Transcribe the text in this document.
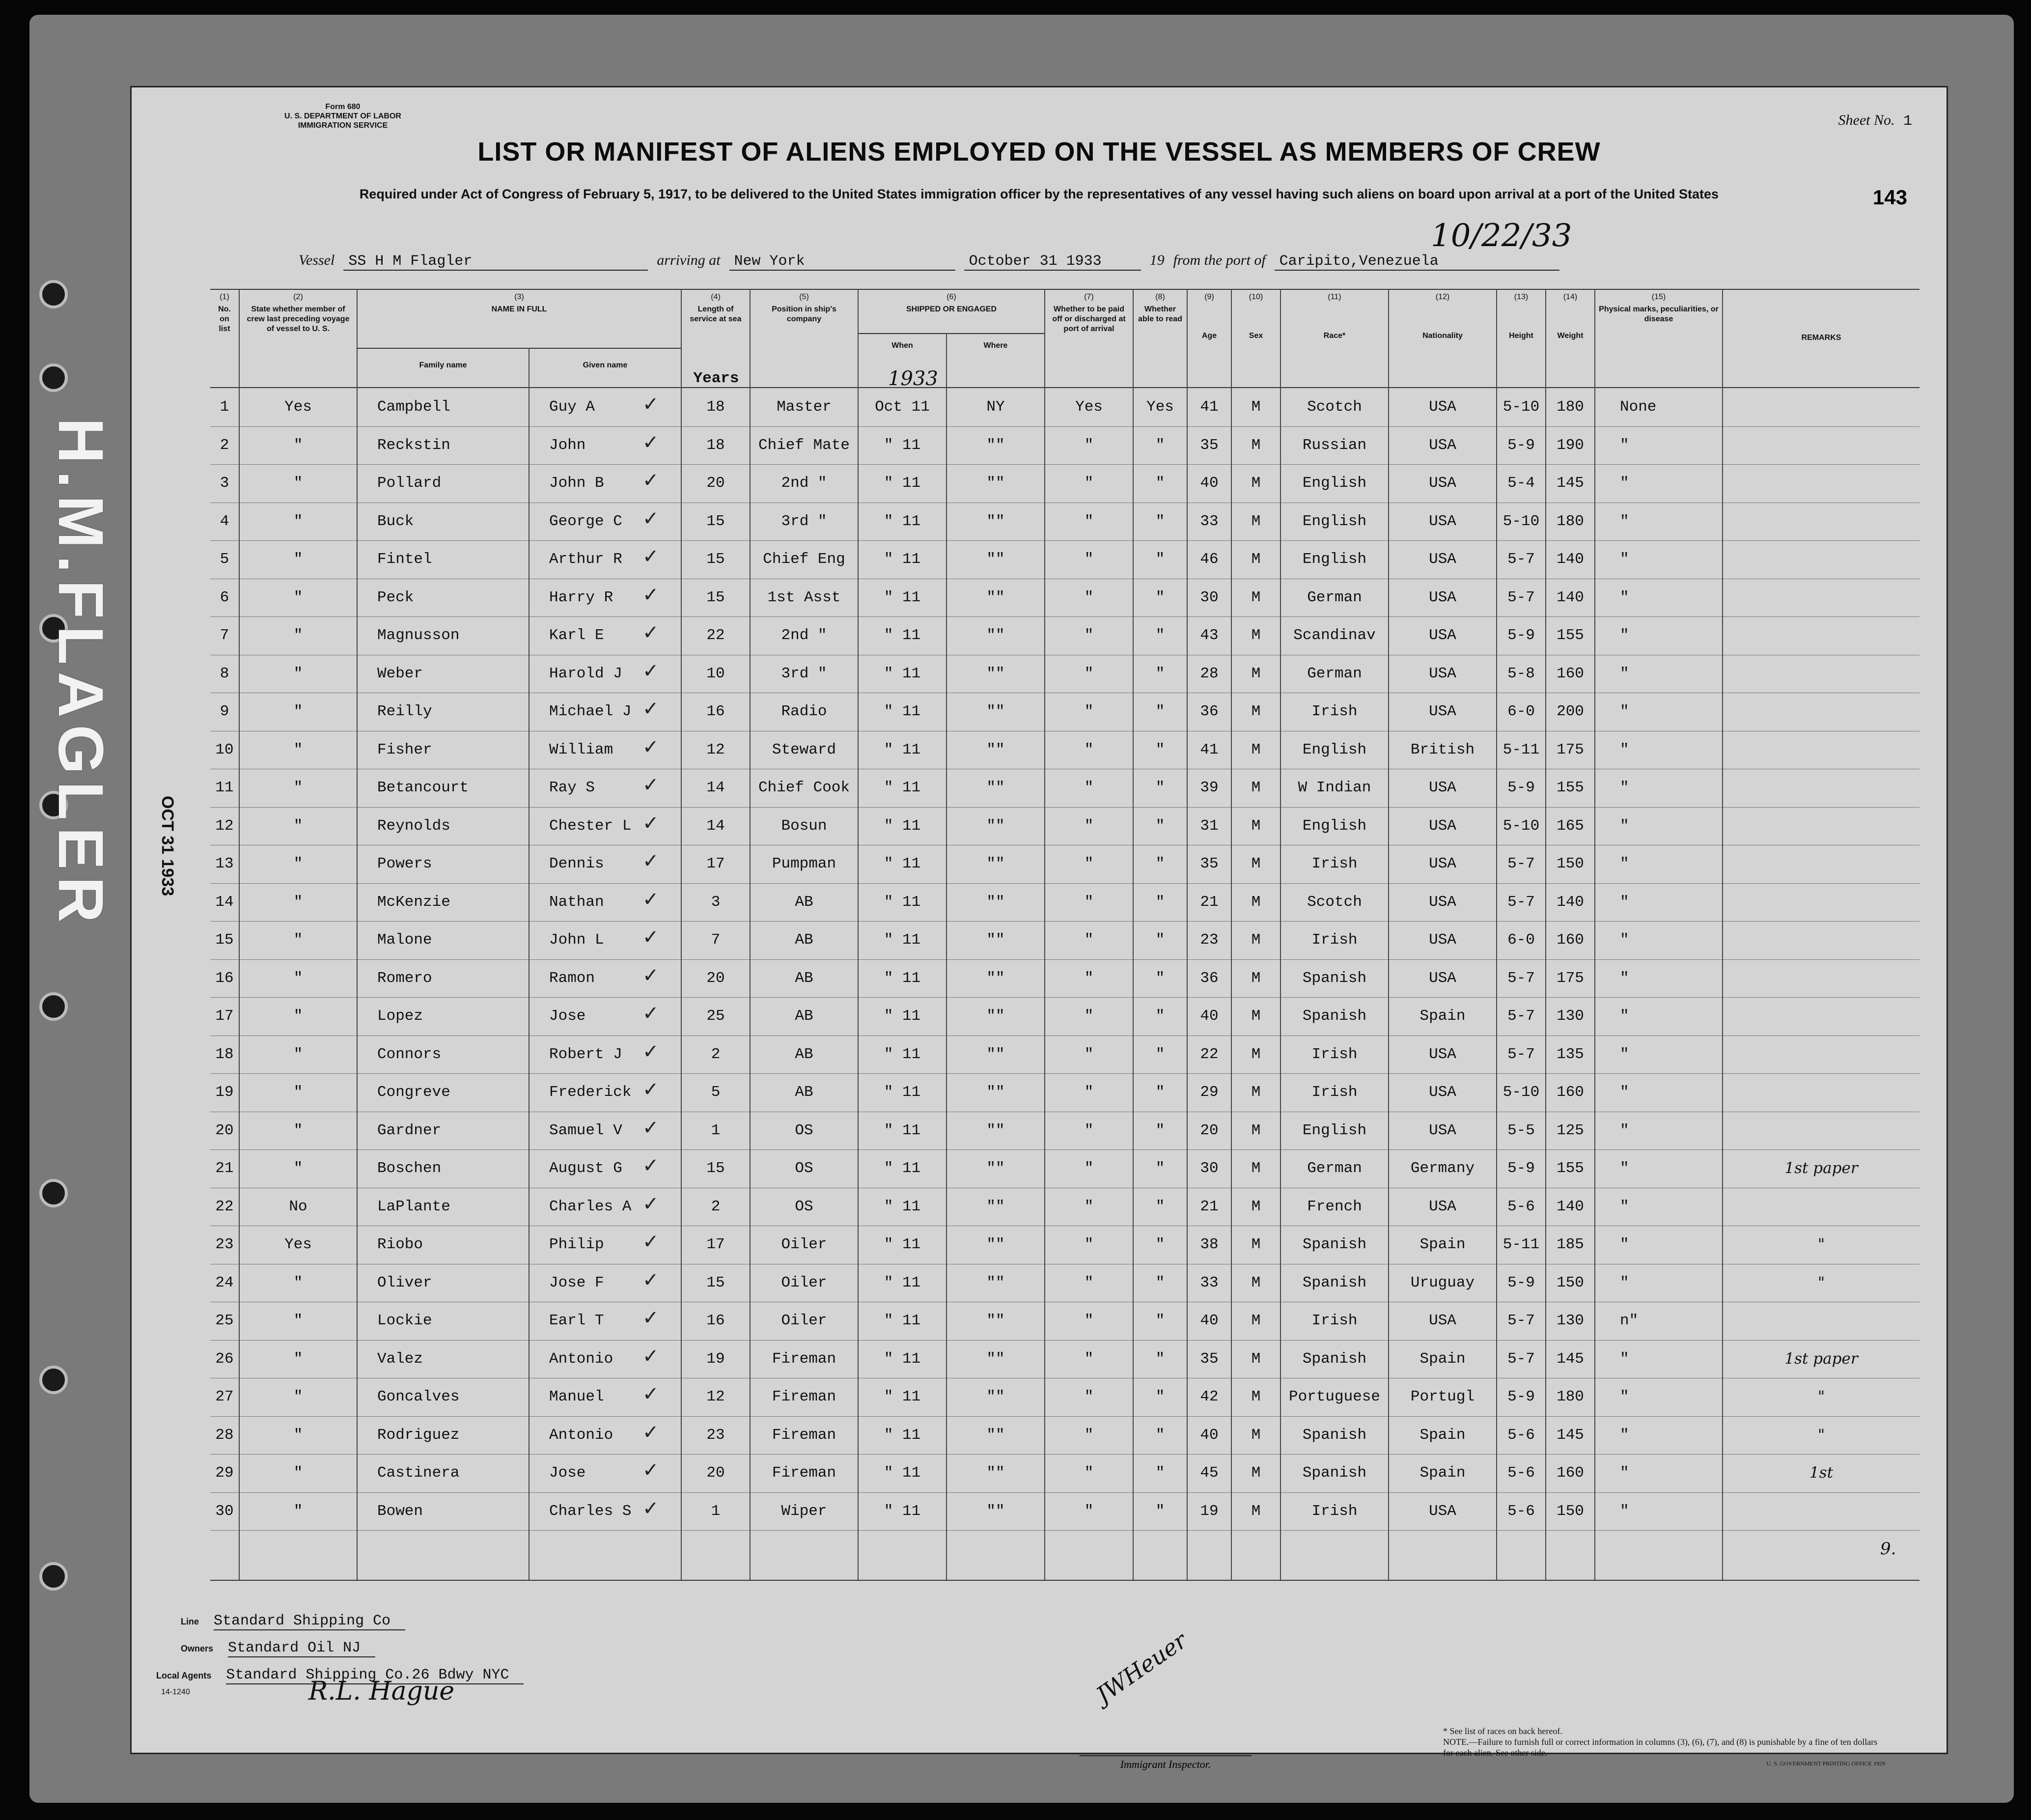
Form 680
U. S. DEPARTMENT OF LABOR
IMMIGRATION SERVICE	Sheet No. 1
LIST OR MANIFEST OF ALIENS EMPLOYED ON THE VESSEL AS MEMBERS OF CREW
Required under Act of Congress of February 5, 1917, to be delivered to the United States immigration officer by the representatives of any vessel having such aliens on board upon arrival at a port of the United States	143
10/22/33
Vessel SS H M Flagler	arriving at New York	October 31 1933	19 from the port of Caripito,Venezuela
(1)
No. on list
(2)
State whether member of crew last preceding voyage of vessel to U. S.
(3)
NAME IN FULL
Family name	Given name
(4)
Length of service at sea
(5)
Position in ship's company
(6)
SHIPPED OR ENGAGED
When	Where
(7)
Whether to be paid off or discharged at port of arrival
(8)
Whether able to read
(9)
Age
(10)
Sex
(11)
Race*
(12)
Nationality
(13)
Height
(14)
Weight
(15)
Physical marks, peculiarities, or disease
REMARKS
Years	1933
1	Yes	Campbell	Guy A	18	Master	Oct 11	NY	Yes	Yes	41	M	Scotch	USA	5-10	180	None
✓
2	"	Reckstin	John	18	Chief Mate	" 11	""	"	"	35	M	Russian	USA	5-9	190	"
✓
3	"	Pollard	John B	20	2nd "	" 11	""	"	"	40	M	English	USA	5-4	145	"
✓
4	"	Buck	George C	15	3rd "	" 11	""	"	"	33	M	English	USA	5-10	180	"
✓
5	"	Fintel	Arthur R	15	Chief Eng	" 11	""	"	"	46	M	English	USA	5-7	140	"
✓
6	"	Peck	Harry R	15	1st Asst	" 11	""	"	"	30	M	German	USA	5-7	140	"
✓
7	"	Magnusson	Karl E	22	2nd "	" 11	""	"	"	43	M	Scandinav	USA	5-9	155	"
✓
8	"	Weber	Harold J	10	3rd "	" 11	""	"	"	28	M	German	USA	5-8	160	"
✓
9	"	Reilly	Michael J	16	Radio	" 11	""	"	"	36	M	Irish	USA	6-0	200	"
✓
10	"	Fisher	William	12	Steward	" 11	""	"	"	41	M	English	British	5-11	175	"
✓
11	"	Betancourt	Ray S	14	Chief Cook	" 11	""	"	"	39	M	W Indian	USA	5-9	155	"
✓
12	"	Reynolds	Chester L	14	Bosun	" 11	""	"	"	31	M	English	USA	5-10	165	"
✓
13	"	Powers	Dennis	17	Pumpman	" 11	""	"	"	35	M	Irish	USA	5-7	150	"
✓
14	"	McKenzie	Nathan	3	AB	" 11	""	"	"	21	M	Scotch	USA	5-7	140	"
✓
15	"	Malone	John L	7	AB	" 11	""	"	"	23	M	Irish	USA	6-0	160	"
✓
16	"	Romero	Ramon	20	AB	" 11	""	"	"	36	M	Spanish	USA	5-7	175	"
✓
17	"	Lopez	Jose	25	AB	" 11	""	"	"	40	M	Spanish	Spain	5-7	130	"
✓
18	"	Connors	Robert J	2	AB	" 11	""	"	"	22	M	Irish	USA	5-7	135	"
✓
19	"	Congreve	Frederick	5	AB	" 11	""	"	"	29	M	Irish	USA	5-10	160	"
✓
20	"	Gardner	Samuel V	1	OS	" 11	""	"	"	20	M	English	USA	5-5	125	"
✓
21	"	Boschen	August G	15	OS	" 11	""	"	"	30	M	German	Germany	5-9	155	"	1st paper
✓
22	No	LaPlante	Charles A	2	OS	" 11	""	"	"	21	M	French	USA	5-6	140	"
✓
23	Yes	Riobo	Philip	17	Oiler	" 11	""	"	"	38	M	Spanish	Spain	5-11	185	"	"
✓
24	"	Oliver	Jose F	15	Oiler	" 11	""	"	"	33	M	Spanish	Uruguay	5-9	150	"	"
✓
25	"	Lockie	Earl T	16	Oiler	" 11	""	"	"	40	M	Irish	USA	5-7	130	n"
✓
26	"	Valez	Antonio	19	Fireman	" 11	""	"	"	35	M	Spanish	Spain	5-7	145	"	1st paper
✓
27	"	Goncalves	Manuel	12	Fireman	" 11	""	"	"	42	M	Portuguese	Portugl	5-9	180	"	"
✓
28	"	Rodriguez	Antonio	23	Fireman	" 11	""	"	"	40	M	Spanish	Spain	5-6	145	"	"
✓
29	"	Castinera	Jose	20	Fireman	" 11	""	"	"	45	M	Spanish	Spain	5-6	160	"	1st
✓
30	"	Bowen	Charles S	1	Wiper	" 11	""	"	"	19	M	Irish	USA	5-6	150	"
✓
9.
Line Standard Shipping Co
Owners Standard Oil NJ
Local Agents Standard Shipping Co.26 Bdwy NYC
14-1240	R.L. Hague	JWHeuer
Immigrant Inspector.
* See list of races on back hereof.
NOTE.—Failure to furnish full or correct information in columns (3), (6), (7), and (8) is punishable by a fine of ten dollars for each alien. See other side.
U. S. GOVERNMENT PRINTING OFFICE 1929
H.M.FLAGLER OCT 31 1933
